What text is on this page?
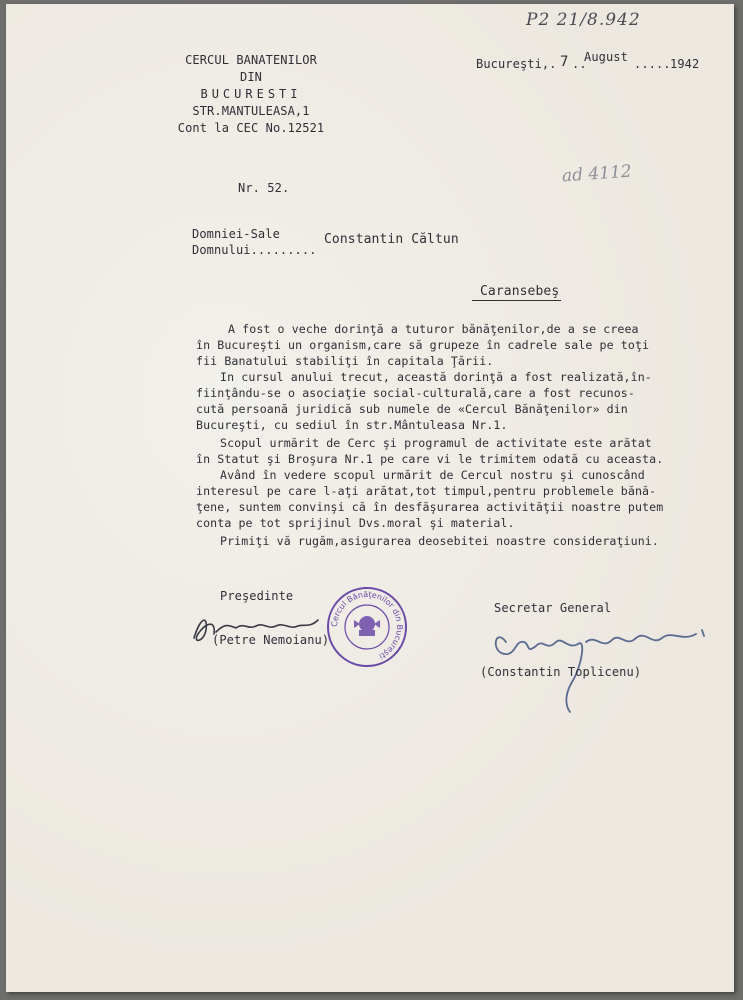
P2 21/8.942
CERCUL BANATENILOR
DIN
BUCURESTI
STR.MANTULEASA,1
Cont la CEC No.12521
Bucureşti,. 7 ..
August ..... 1942
Nr. 52.
ad 4112
Domniei-Sale
Domnului.........
Constantin Căltun
Caransebeş
A fost o veche dorinţă a tuturor bănăţenilor,de a se creea
în Bucureşti un organism,care să grupeze în cadrele sale pe toţi
fii Banatului stabiliţi în capitala Ţării.
In cursul anului trecut, această dorinţă a fost realizată,în-
fiinţându-se o asociaţie social-culturală,care a fost recunos-
cută persoană juridică sub numele de «Cercul Bănăţenilor» din
Bucureşti, cu sediul în str.Mântuleasa Nr.1.
Scopul urmărit de Cerc şi programul de activitate este arătat
în Statut şi Broşura Nr.1 pe care vi le trimitem odată cu aceasta.
Având în vedere scopul urmărit de Cercul nostru şi cunoscând
interesul pe care l-aţi arătat,tot timpul,pentru problemele bănă-
ţene, suntem convinşi că în desfăşurarea activităţii noastre putem
conta pe tot sprijinul Dvs.moral şi material.
Primiţi vă rugăm,asigurarea deosebitei noastre consideraţiuni.
Preşedinte
(Petre Nemoianu)
Cercul Bănăţenilor din Bucureşti
Secretar General
(Constantin Toplicenu)
